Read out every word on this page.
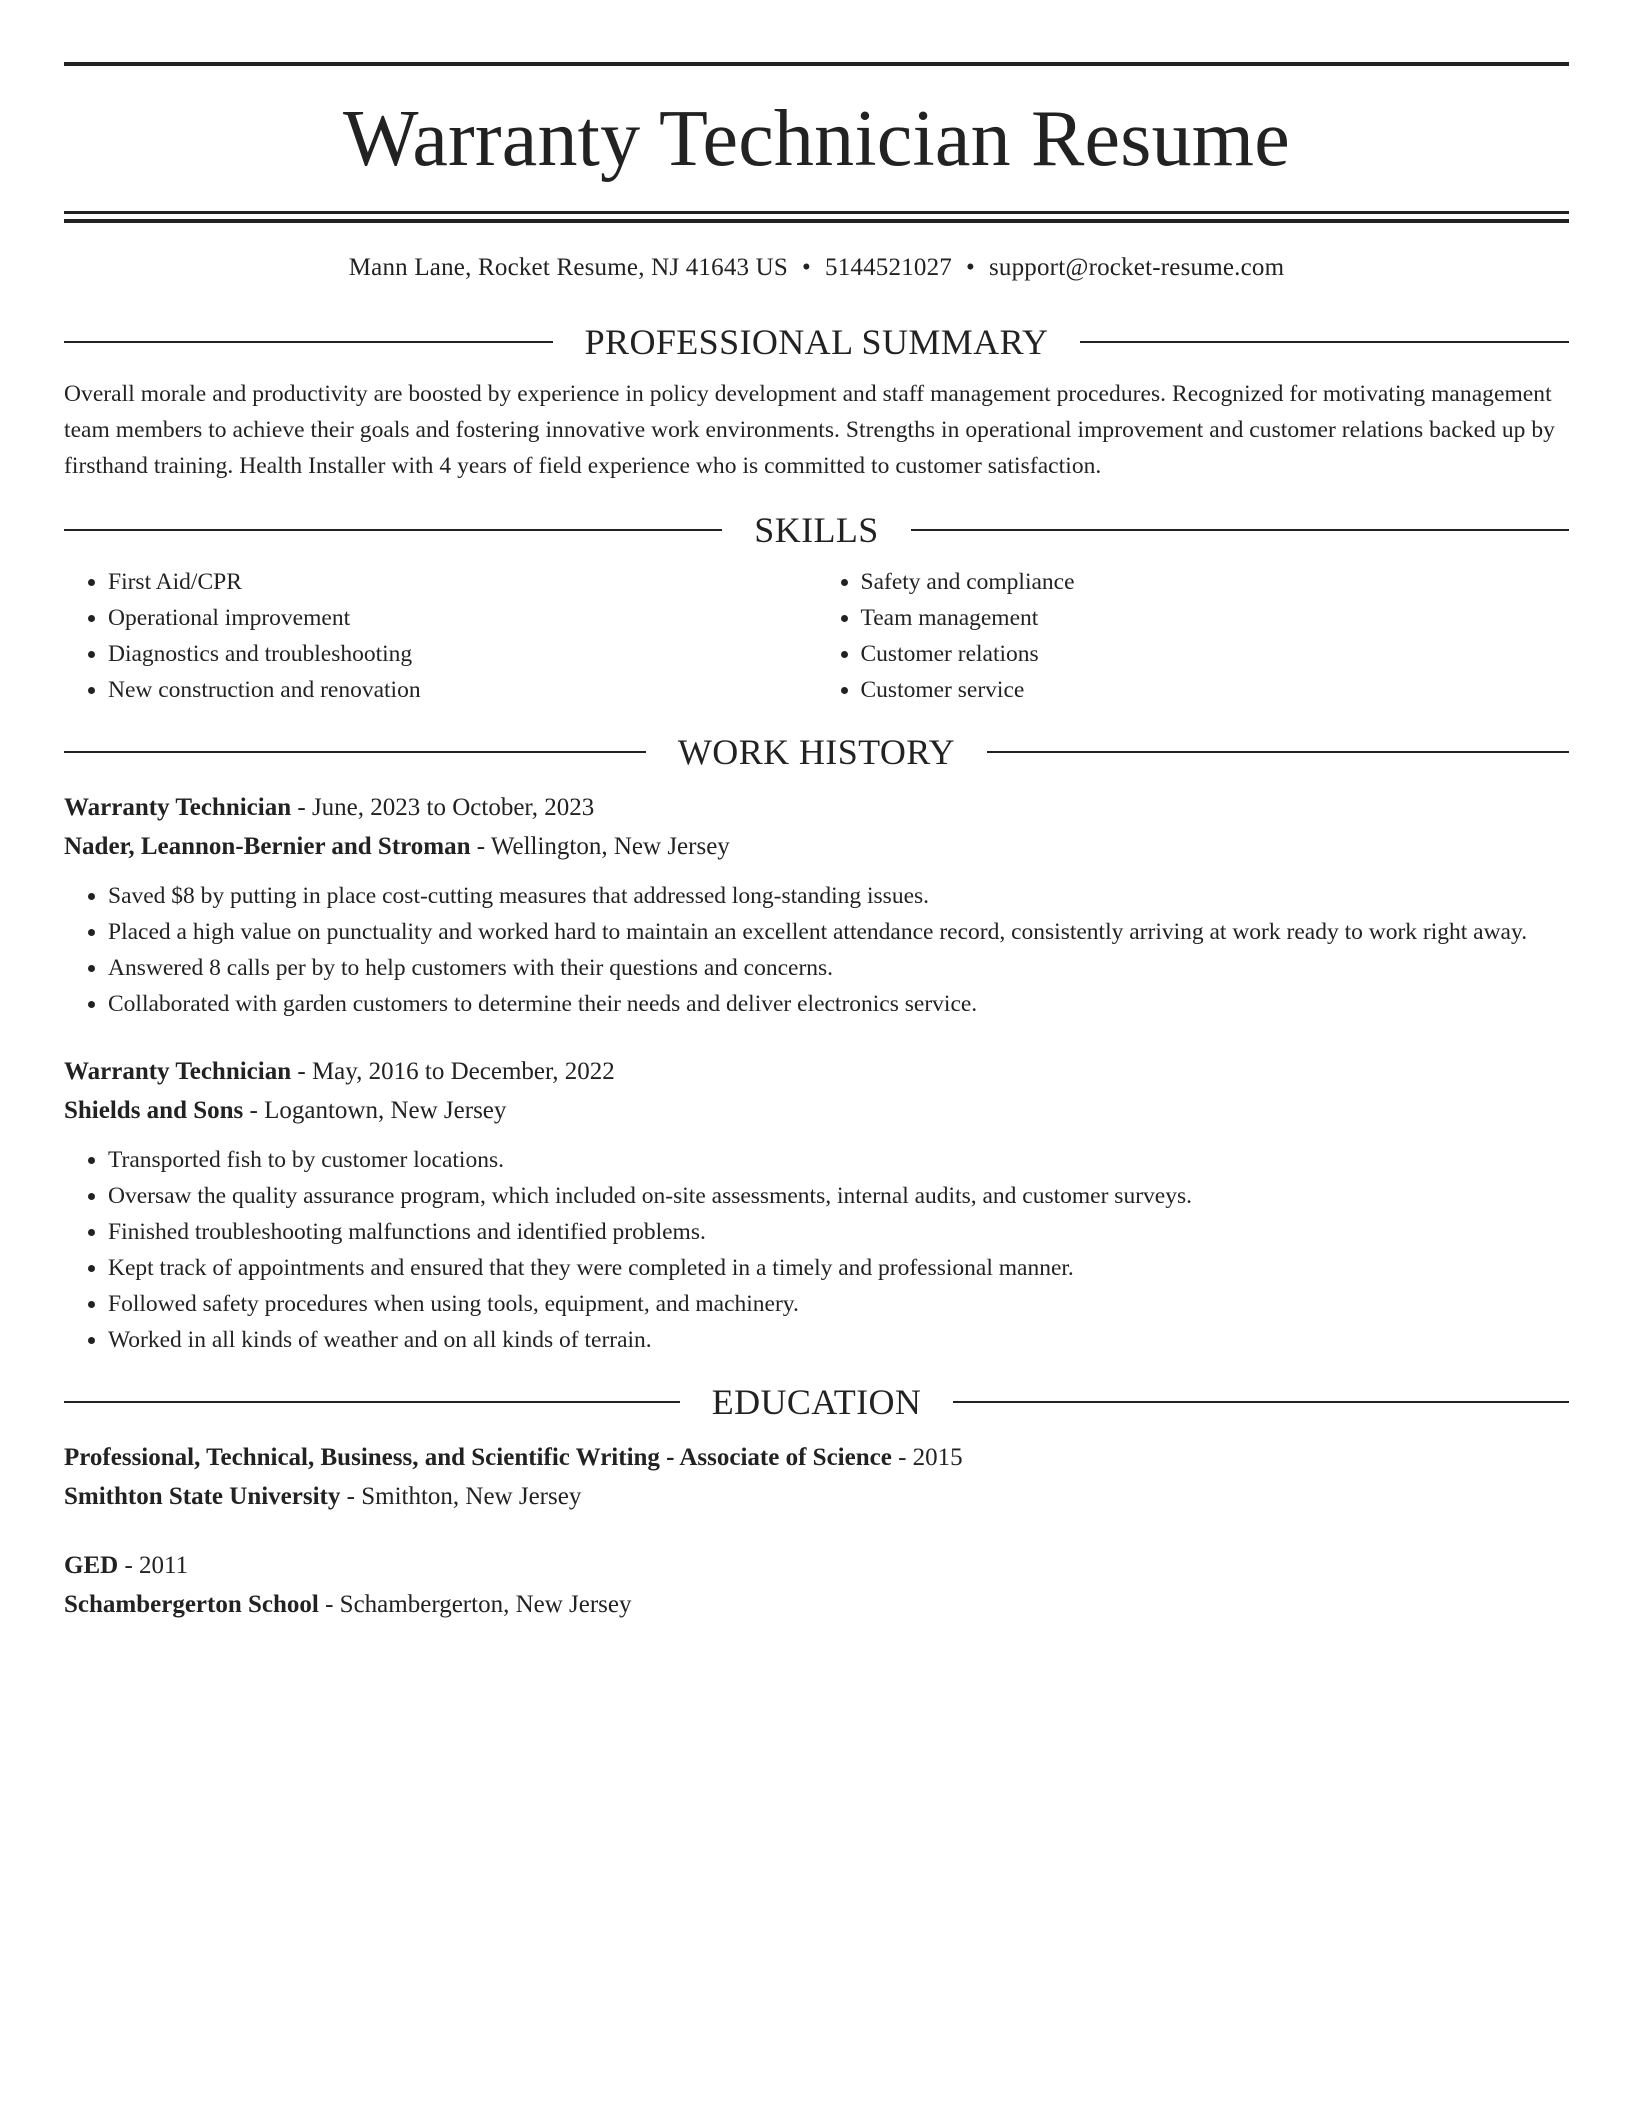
Warranty Technician Resume
Mann Lane, Rocket Resume, NJ 41643 US • 5144521027 • support@rocket-resume.com
PROFESSIONAL SUMMARY

Overall morale and productivity are boosted by experience in policy development and staff management procedures. Recognized for motivating management team members to achieve their goals and fostering innovative work environments. Strengths in operational improvement and customer relations backed up by firsthand training. Health Installer with 4 years of field experience who is committed to customer satisfaction.

SKILLS
• First Aid/CPR
• Operational improvement
• Diagnostics and troubleshooting
• New construction and renovation
• Safety and compliance
• Team management
• Customer relations
• Customer service
WORK HISTORY
Warranty Technician - June, 2023 to October, 2023
Nader, Leannon-Bernier and Stroman - Wellington, New Jersey
• Saved $8 by putting in place cost-cutting measures that addressed long-standing issues.
• Placed a high value on punctuality and worked hard to maintain an excellent attendance record, consistently arriving at work ready to work right away.
• Answered 8 calls per by to help customers with their questions and concerns.
• Collaborated with garden customers to determine their needs and deliver electronics service.
Warranty Technician - May, 2016 to December, 2022
Shields and Sons - Logantown, New Jersey
• Transported fish to by customer locations.
• Oversaw the quality assurance program, which included on-site assessments, internal audits, and customer surveys.
• Finished troubleshooting malfunctions and identified problems.
• Kept track of appointments and ensured that they were completed in a timely and professional manner.
• Followed safety procedures when using tools, equipment, and machinery.
• Worked in all kinds of weather and on all kinds of terrain.
EDUCATION
Professional, Technical, Business, and Scientific Writing - Associate of Science - 2015
Smithton State University - Smithton, New Jersey
GED - 2011
Schambergerton School - Schambergerton, New Jersey
